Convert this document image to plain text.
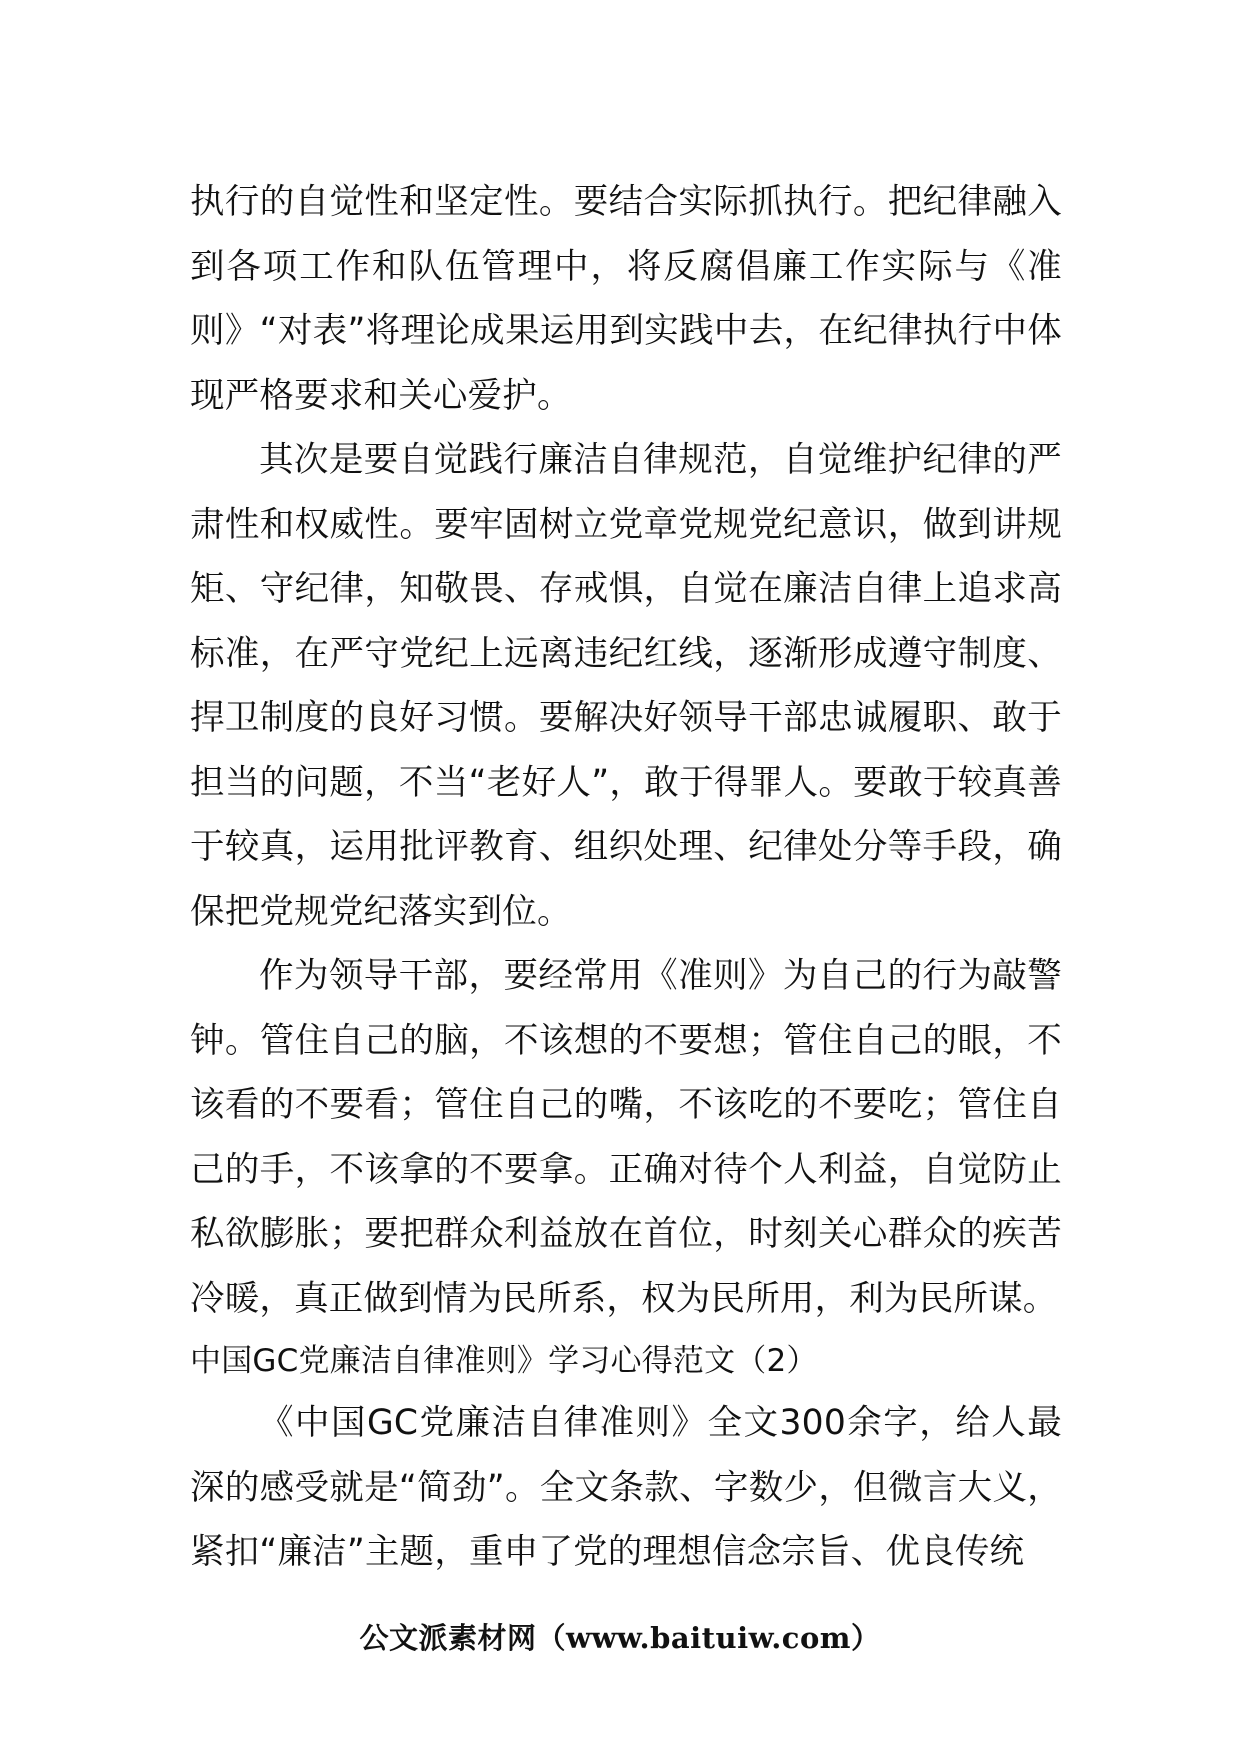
执行的自觉性和坚定性。要结合实际抓执行。把纪律融入到各项工作和队伍管理中，将反腐倡廉工作实际与《准则》“对表”将理论成果运用到实践中去，在纪律执行中体现严格要求和关心爱护。

其次是要自觉践行廉洁自律规范，自觉维护纪律的严肃性和权威性。要牢固树立党章党规党纪意识，做到讲规矩、守纪律，知敬畏、存戒惧，自觉在廉洁自律上追求高标准，在严守党纪上远离违纪红线，逐渐形成遵守制度、捍卫制度的良好习惯。要解决好领导干部忠诚履职、敢于担当的问题，不当“老好人”，敢于得罪人。要敢于较真善于较真，运用批评教育、组织处理、纪律处分等手段，确保把党规党纪落实到位。

作为领导干部，要经常用《准则》为自己的行为敲警钟。管住自己的脑，不该想的不要想；管住自己的眼，不该看的不要看；管住自己的嘴，不该吃的不要吃；管住自己的手，不该拿的不要拿。正确对待个人利益，自觉防止私欲膨胀；要把群众利益放在首位，时刻关心群众的疾苦冷暖，真正做到情为民所系，权为民所用，利为民所谋。

中国GC党廉洁自律准则》学习心得范文（2）

《中国GC党廉洁自律准则》全文300余字，给人最深的感受就是“简劲”。全文条款、字数少，但微言大义，紧扣“廉洁”主题，重申了党的理想信念宗旨、优良传统

公文派素材网（www.baituiw.com）
